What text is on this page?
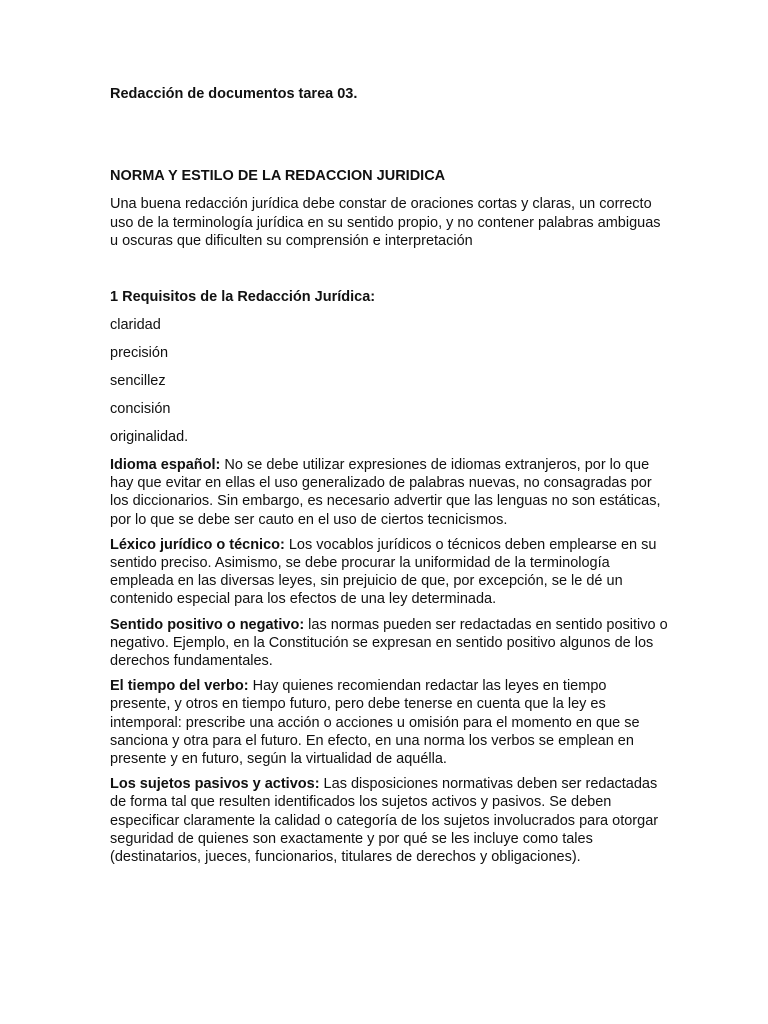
Redacción de documentos tarea 03.

NORMA Y ESTILO DE LA REDACCION JURIDICA

Una buena redacción jurídica debe constar de oraciones cortas y claras, un correcto uso de la terminología jurídica en su sentido propio, y no contener palabras ambiguas u oscuras que dificulten su comprensión e interpretación

1 Requisitos de la Redacción Jurídica:

claridad
precisión
sencillez
concisión
originalidad.

Idioma español: No se debe utilizar expresiones de idiomas extranjeros, por lo que hay que evitar en ellas el uso generalizado de palabras nuevas, no consagradas por los diccionarios. Sin embargo, es necesario advertir que las lenguas no son estáticas, por lo que se debe ser cauto en el uso de ciertos tecnicismos.

Léxico jurídico o técnico: Los vocablos jurídicos o técnicos deben emplearse en su sentido preciso. Asimismo, se debe procurar la uniformidad de la terminología empleada en las diversas leyes, sin prejuicio de que, por excepción, se le dé un contenido especial para los efectos de una ley determinada.

Sentido positivo o negativo: las normas pueden ser redactadas en sentido positivo o negativo. Ejemplo, en la Constitución se expresan en sentido positivo algunos de los derechos fundamentales.

El tiempo del verbo: Hay quienes recomiendan redactar las leyes en tiempo presente, y otros en tiempo futuro, pero debe tenerse en cuenta que la ley es intemporal: prescribe una acción o acciones u omisión para el momento en que se sanciona y otra para el futuro. En efecto, en una norma los verbos se emplean en presente y en futuro, según la virtualidad de aquélla.

Los sujetos pasivos y activos: Las disposiciones normativas deben ser redactadas de forma tal que resulten identificados los sujetos activos y pasivos. Se deben especificar claramente la calidad o categoría de los sujetos involucrados para otorgar seguridad de quienes son exactamente y por qué se les incluye como tales (destinatarios, jueces, funcionarios, titulares de derechos y obligaciones).
